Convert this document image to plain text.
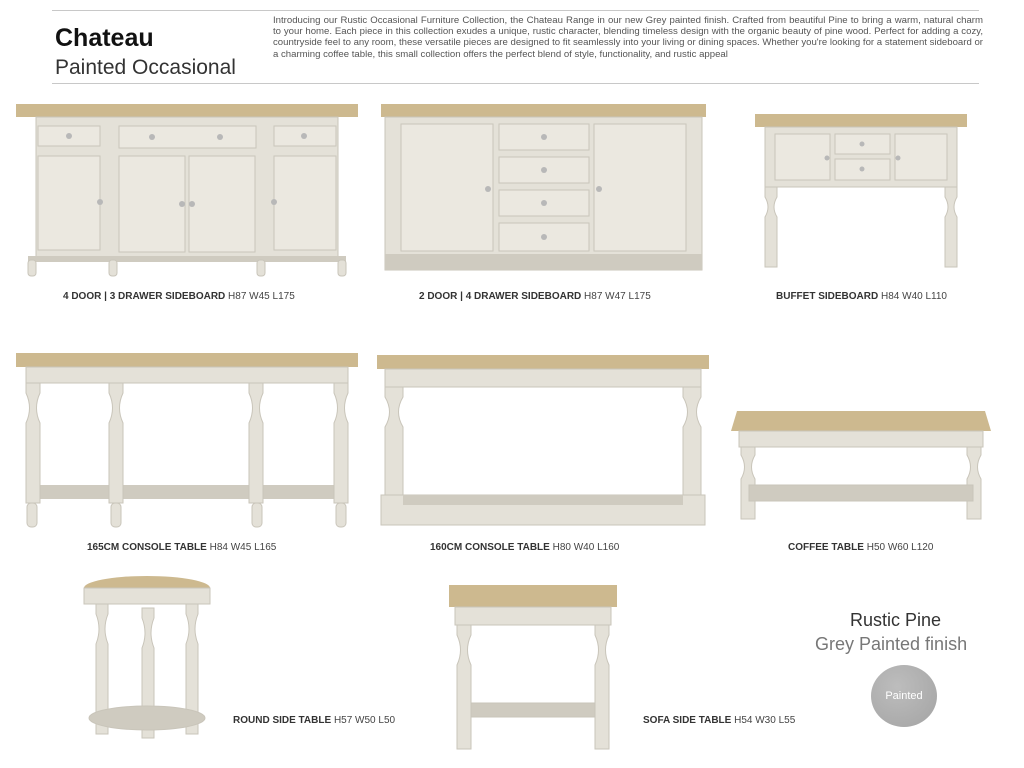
Chateau
Painted Occasional
Introducing our Rustic Occasional Furniture Collection, the Chateau Range in our new Grey painted finish. Crafted from beautiful Pine to bring a warm, natural charm to your home. Each piece in this collection exudes a unique, rustic character, blending timeless design with the organic beauty of pine wood. Perfect for adding a cozy, countryside feel to any room, these versatile pieces are designed to fit seamlessly into your living or dining spaces. Whether you're looking for a statement sideboard or a charming coffee table, this small collection offers the perfect blend of style, functionality, and rustic appeal
4 DOOR | 3 DRAWER SIDEBOARD H87 W45 L175	2 DOOR | 4 DRAWER SIDEBOARD H87 W47 L175	BUFFET SIDEBOARD H84 W40 L110
165CM CONSOLE TABLE H84 W45 L165	160CM CONSOLE TABLE H80 W40 L160	COFFEE TABLE H50 W60 L120
ROUND SIDE TABLE H57 W50 L50	SOFA SIDE TABLE H54 W30 L55
Rustic Pine
Grey Painted finish
Painted
